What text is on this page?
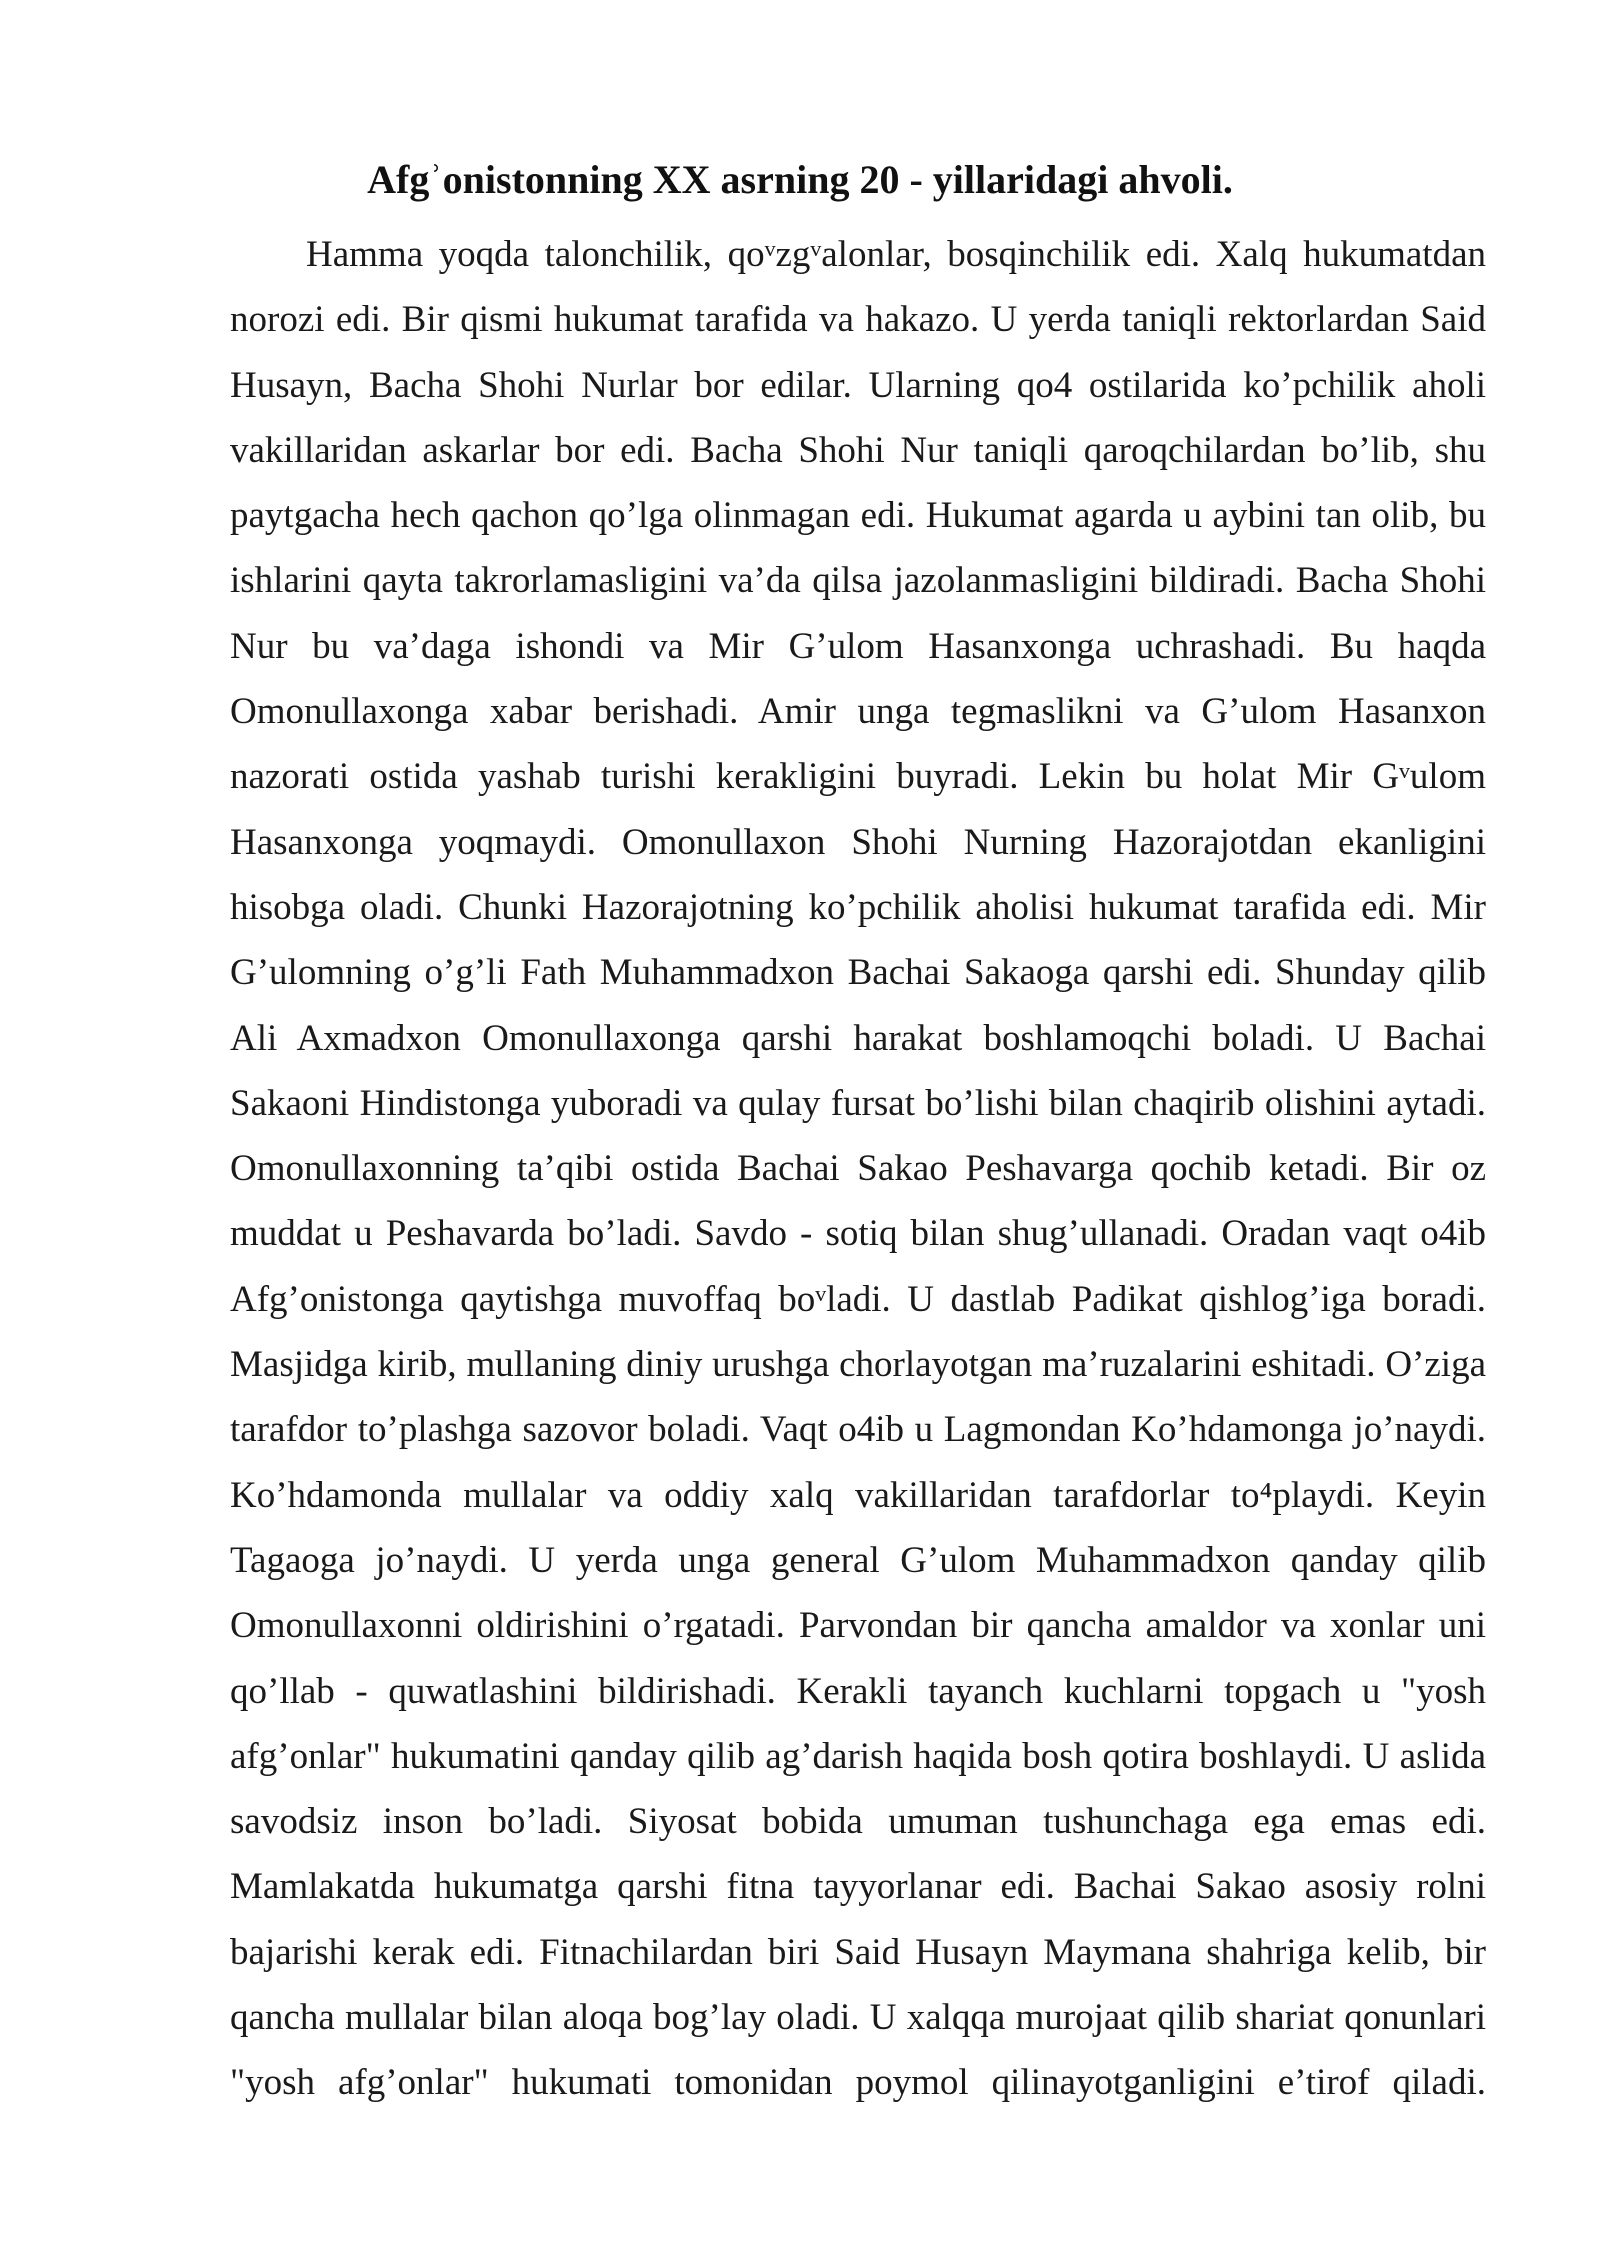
Afgʾonistonning XX asrning 20 - yillaridagi ahvoli.
Hamma yoqda talonchilik, qoᵛzgᵛalonlar, bosqinchilik edi. Xalq hukumatdan
norozi edi. Bir qismi hukumat tarafida va hakazo. U yerda taniqli rektorlardan Said
Husayn, Bacha Shohi Nurlar bor edilar. Ularning qo4 ostilarida ko’pchilik aholi
vakillaridan askarlar bor edi. Bacha Shohi Nur taniqli qaroqchilardan bo’lib, shu
paytgacha hech qachon qo’lga olinmagan edi. Hukumat agarda u aybini tan olib, bu
ishlarini qayta takrorlamasligini va’da qilsa jazolanmasligini bildiradi. Bacha Shohi
Nur bu va’daga ishondi va Mir G’ulom Hasanxonga uchrashadi. Bu haqda
Omonullaxonga xabar berishadi. Amir unga tegmaslikni va G’ulom Hasanxon
nazorati ostida yashab turishi kerakligini buyradi. Lekin bu holat Mir Gᵛulom
Hasanxonga yoqmaydi. Omonullaxon Shohi Nurning Hazorajotdan ekanligini
hisobga oladi. Chunki Hazorajotning ko’pchilik aholisi hukumat tarafida edi. Mir
G’ulomning o’g’li Fath Muhammadxon Bachai Sakaoga qarshi edi. Shunday qilib
Ali Axmadxon Omonullaxonga qarshi harakat boshlamoqchi boladi. U Bachai
Sakaoni Hindistonga yuboradi va qulay fursat bo’lishi bilan chaqirib olishini aytadi.
Omonullaxonning ta’qibi ostida Bachai Sakao Peshavarga qochib ketadi. Bir oz
muddat u Peshavarda bo’ladi. Savdo - sotiq bilan shug’ullanadi. Oradan vaqt o4ib
Afg’onistonga qaytishga muvoffaq boᵛladi. U dastlab Padikat qishlog’iga boradi.
Masjidga kirib, mullaning diniy urushga chorlayotgan ma’ruzalarini eshitadi. O’ziga
tarafdor to’plashga sazovor boladi. Vaqt o4ib u Lagmondan Ko’hdamonga jo’naydi.
Ko’hdamonda mullalar va oddiy xalq vakillaridan tarafdorlar to⁴playdi. Keyin
Tagaoga jo’naydi. U yerda unga general G’ulom Muhammadxon qanday qilib
Omonullaxonni oldirishini o’rgatadi. Parvondan bir qancha amaldor va xonlar uni
qo’llab - quwatlashini bildirishadi. Kerakli tayanch kuchlarni topgach u "yosh
afg’onlar" hukumatini qanday qilib ag’darish haqida bosh qotira boshlaydi. U aslida
savodsiz inson bo’ladi. Siyosat bobida umuman tushunchaga ega emas edi.
Mamlakatda hukumatga qarshi fitna tayyorlanar edi. Bachai Sakao asosiy rolni
bajarishi kerak edi. Fitnachilardan biri Said Husayn Maymana shahriga kelib, bir
qancha mullalar bilan aloqa bog’lay oladi. U xalqqa murojaat qilib shariat qonunlari
"yosh afg’onlar" hukumati tomonidan poymol qilinayotganligini e’tirof qiladi.
